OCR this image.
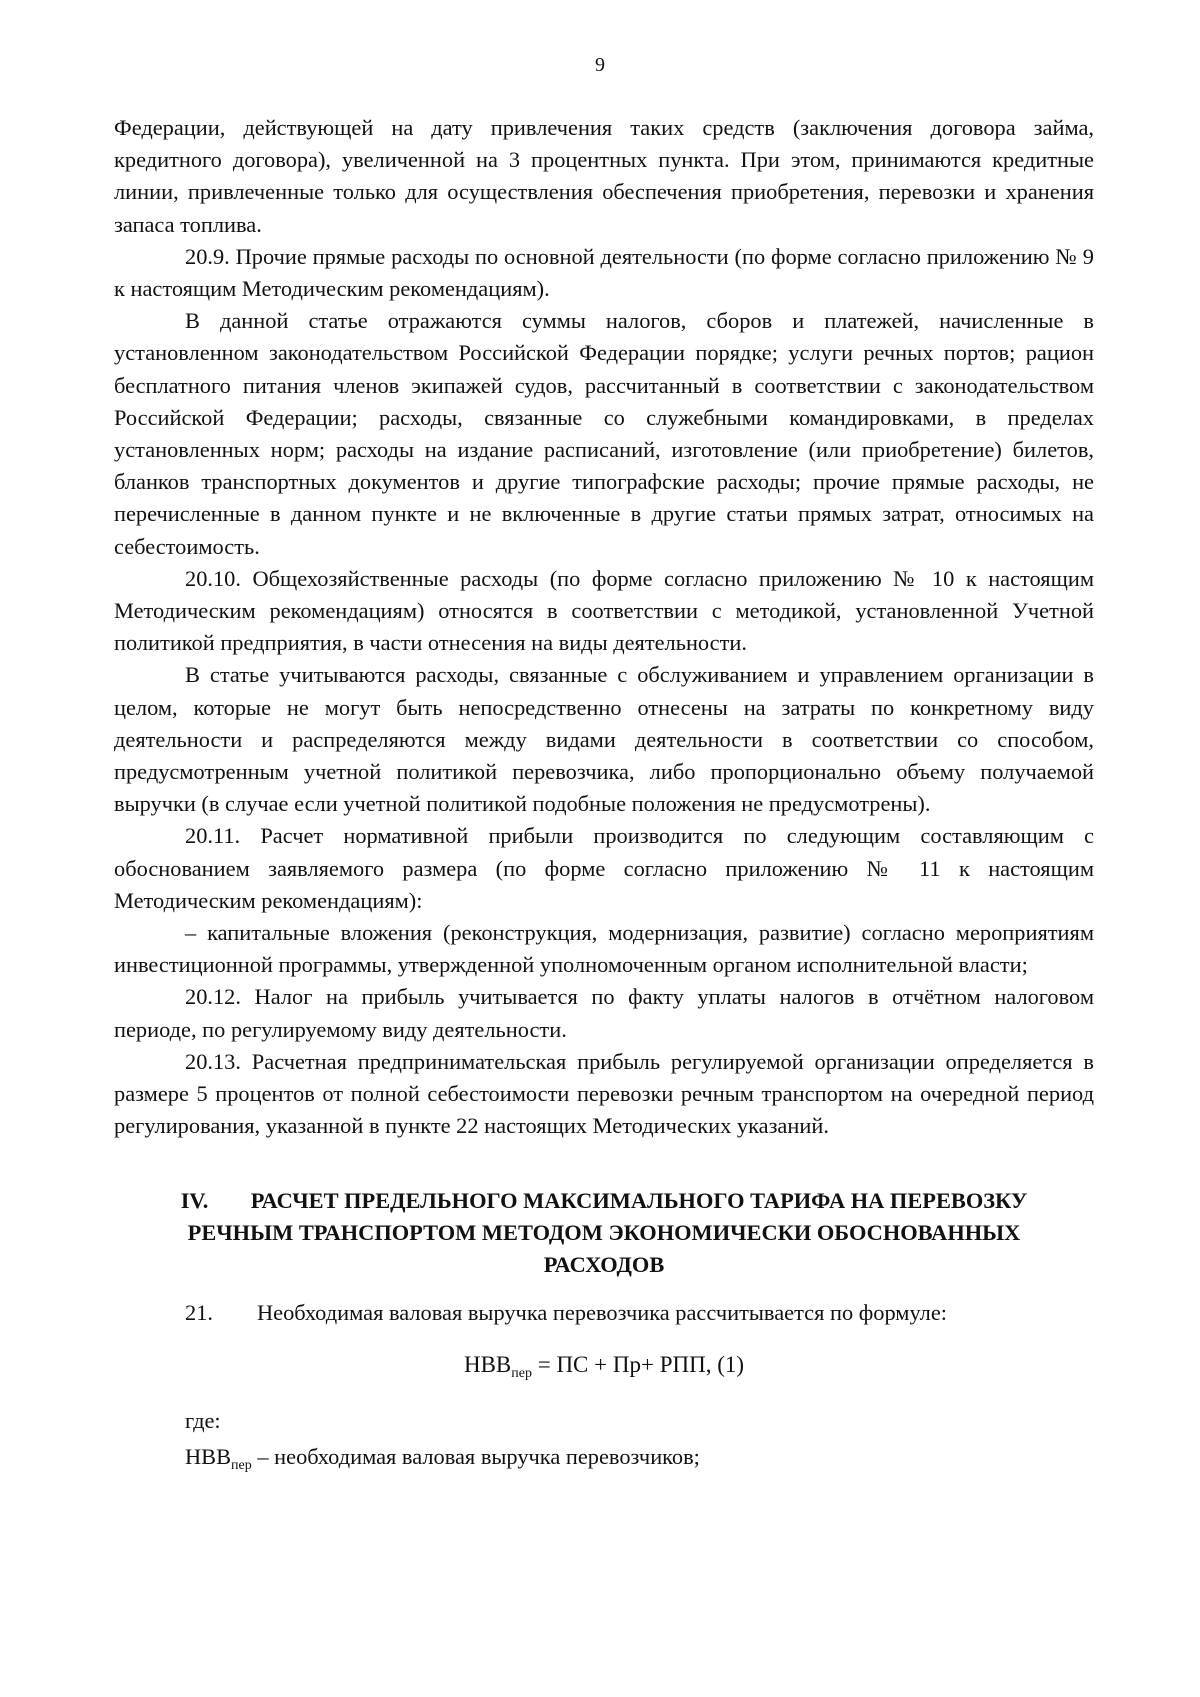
9

Федерации, действующей на дату привлечения таких средств (заключения договора займа, кредитного договора), увеличенной на 3 процентных пункта. При этом, принимаются кредитные линии, привлеченные только для осуществления обеспечения приобретения, перевозки и хранения запаса топлива.

20.9. Прочие прямые расходы по основной деятельности (по форме согласно приложению № 9 к настоящим Методическим рекомендациям).

В данной статье отражаются суммы налогов, сборов и платежей, начисленные в установленном законодательством Российской Федерации порядке; услуги речных портов; рацион бесплатного питания членов экипажей судов, рассчитанный в соответствии с законодательством Российской Федерации; расходы, связанные со служебными командировками, в пределах установленных норм; расходы на издание расписаний, изготовление (или приобретение) билетов, бланков транспортных документов и другие типографские расходы; прочие прямые расходы, не перечисленные в данном пункте и не включенные в другие статьи прямых затрат, относимых на себестоимость.

20.10. Общехозяйственные расходы (по форме согласно приложению № 10 к настоящим Методическим рекомендациям) относятся в соответствии с методикой, установленной Учетной политикой предприятия, в части отнесения на виды деятельности.

В статье учитываются расходы, связанные с обслуживанием и управлением организации в целом, которые не могут быть непосредственно отнесены на затраты по конкретному виду деятельности и распределяются между видами деятельности в соответствии со способом, предусмотренным учетной политикой перевозчика, либо пропорционально объему получаемой выручки (в случае если учетной политикой подобные положения не предусмотрены).

20.11. Расчет нормативной прибыли производится по следующим составляющим с обоснованием заявляемого размера (по форме согласно приложению № 11 к настоящим Методическим рекомендациям):

– капитальные вложения (реконструкция, модернизация, развитие) согласно мероприятиям инвестиционной программы, утвержденной уполномоченным органом исполнительной власти;

20.12. Налог на прибыль учитывается по факту уплаты налогов в отчётном налоговом периоде, по регулируемому виду деятельности.

20.13. Расчетная предпринимательская прибыль регулируемой организации определяется в размере 5 процентов от полной себестоимости перевозки речным транспортом на очередной период регулирования, указанной в пункте 22 настоящих Методических указаний.

IV. РАСЧЕТ ПРЕДЕЛЬНОГО МАКСИМАЛЬНОГО ТАРИФА НА ПЕРЕВОЗКУ
РЕЧНЫМ ТРАНСПОРТОМ МЕТОДОМ ЭКОНОМИЧЕСКИ ОБОСНОВАННЫХ
РАСХОДОВ
21. Необходимая валовая выручка перевозчика рассчитывается по формуле:
$НВВ_{пер}$ = ПС + Пр+ РПП, (1)
где:
$НВВ_{пер}$ – необходимая валовая выручка перевозчиков;
